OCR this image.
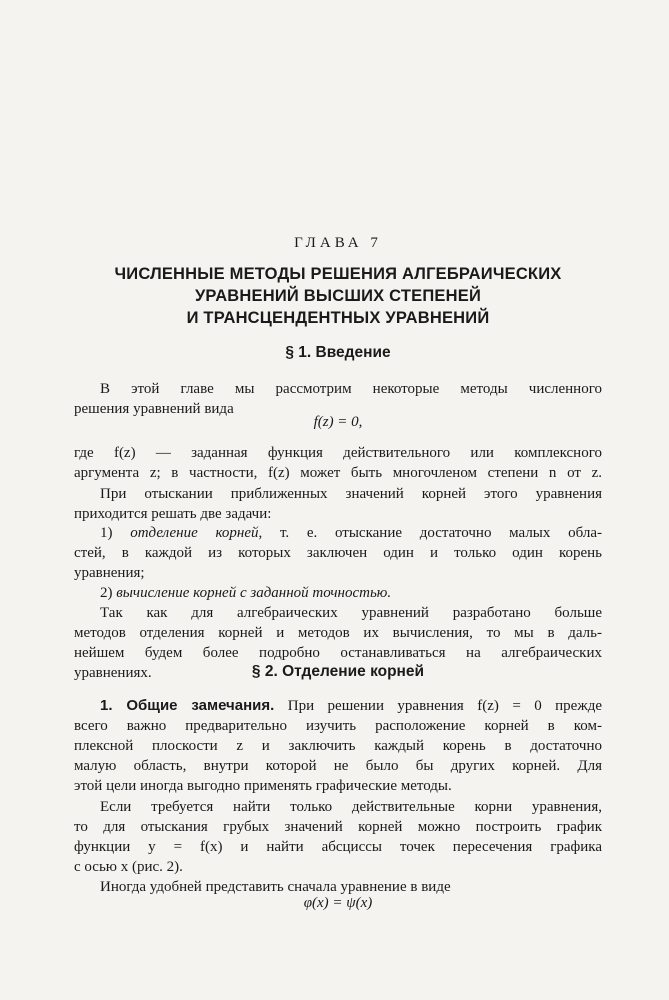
ГЛАВА 7
ЧИСЛЕННЫЕ МЕТОДЫ РЕШЕНИЯ АЛГЕБРАИЧЕСКИХ
УРАВНЕНИЙ ВЫСШИХ СТЕПЕНЕЙ
И ТРАНСЦЕНДЕНТНЫХ УРАВНЕНИЙ
§ 1. Введение
В этой главе мы рассмотрим некоторые методы численного
решения уравнений вида
f(z) = 0,
где f(z) — заданная функция действительного или комплексного
аргумента z; в частности, f(z) может быть многочленом степени n от z.
При отыскании приближенных значений корней этого уравнения
приходится решать две задачи:
1) отделение корней, т. е. отыскание достаточно малых обла-
стей, в каждой из которых заключен один и только один корень
уравнения;
2) вычисление корней с заданной точностью.
Так как для алгебраических уравнений разработано больше
методов отделения корней и методов их вычисления, то мы в даль-
нейшем будем более подробно останавливаться на алгебраических
уравнениях.	§ 2. Отделение корней
1. Общие замечания. При решении уравнения f(z) = 0 прежде
всего важно предварительно изучить расположение корней в ком-
плексной плоскости z и заключить каждый корень в достаточно
малую область, внутри которой не было бы других корней. Для
этой цели иногда выгодно применять графические методы.
Если требуется найти только действительные корни уравнения,
то для отыскания грубых значений корней можно построить график
функции y = f(x) и найти абсциссы точек пересечения графика
с осью x (рис. 2).
Иногда удобней представить сначала уравнение в виде
φ(x) = ψ(x)
